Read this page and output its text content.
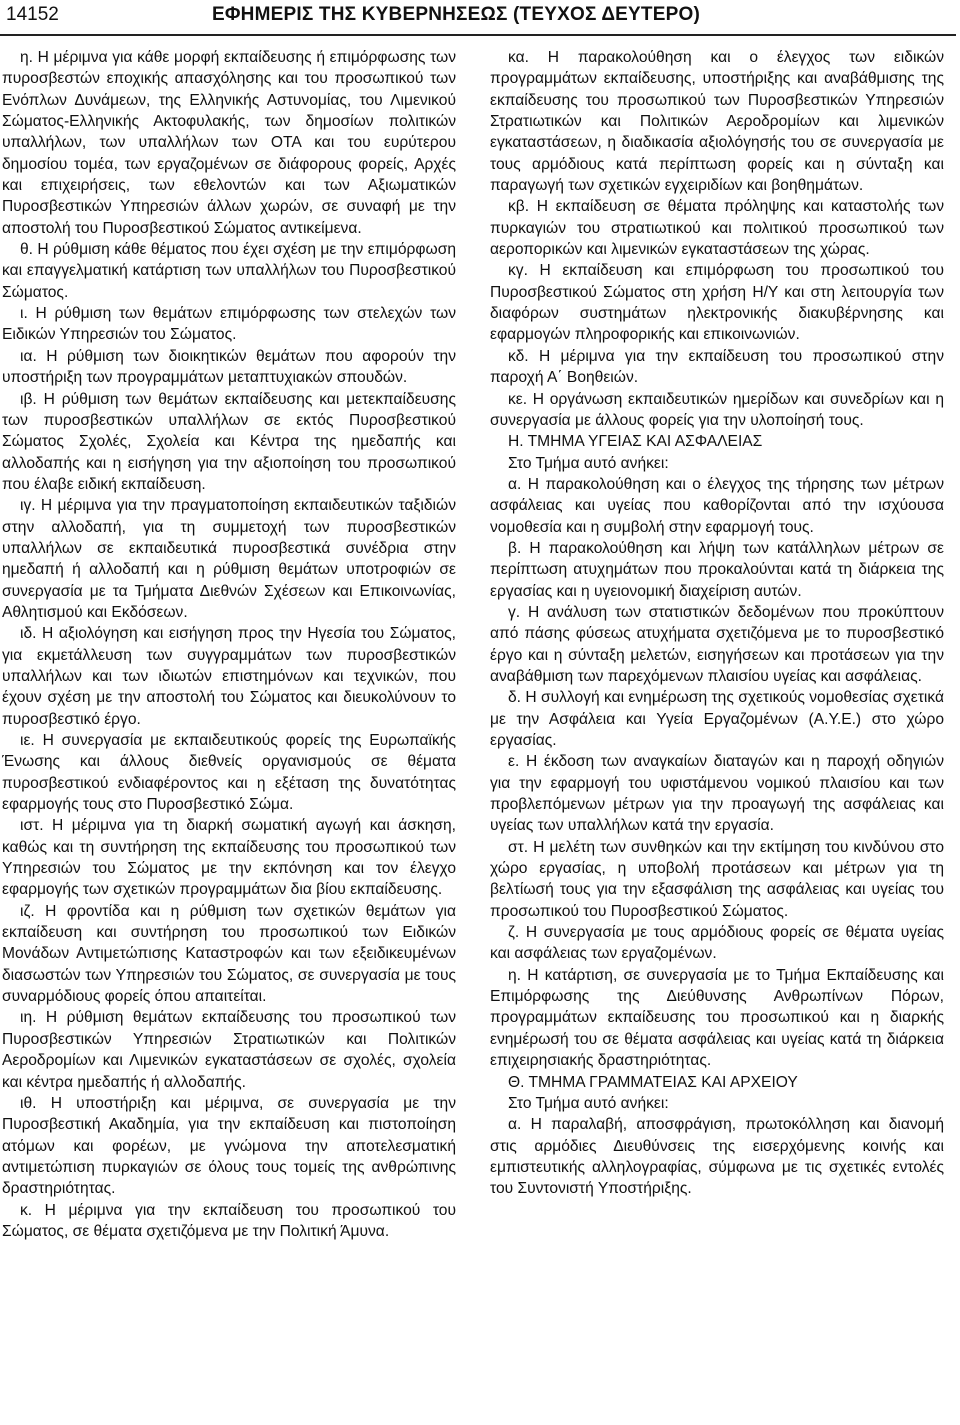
14152	ΕΦΗΜΕΡΙΣ ΤΗΣ ΚΥΒΕΡΝΗΣΕΩΣ (ΤΕΥΧΟΣ ΔΕΥΤΕΡΟ)

η. Η μέριμνα για κάθε μορφή εκπαίδευσης ή επιμόρφωσης των πυροσβεστών εποχικής απασχόλησης και του προσωπικού των Ενόπλων Δυνάμεων, της Ελληνικής Αστυνομίας, του Λιμενικού Σώματος-Ελληνικής Ακτοφυλακής, των δημοσίων πολιτικών υπαλλήλων, των υπαλλήλων των ΟΤΑ και του ευρύτερου δημοσίου τομέα, των εργαζομένων σε διάφορους φορείς, Αρχές και επιχειρήσεις, των εθελοντών και των Αξιωματικών Πυροσβεστικών Υπηρεσιών άλλων χωρών, σε συναφή με την αποστολή του Πυροσβεστικού Σώματος αντικείμενα.

θ. Η ρύθμιση κάθε θέματος που έχει σχέση με την επιμόρφωση και επαγγελματική κατάρτιση των υπαλλήλων του Πυροσβεστικού Σώματος.

ι. Η ρύθμιση των θεμάτων επιμόρφωσης των στελεχών των Ειδικών Υπηρεσιών του Σώματος.

ια. Η ρύθμιση των διοικητικών θεμάτων που αφορούν την υποστήριξη των προγραμμάτων μεταπτυχιακών σπουδών.

ιβ. Η ρύθμιση των θεμάτων εκπαίδευσης και μετεκπαίδευσης των πυροσβεστικών υπαλλήλων σε εκτός Πυροσβεστικού Σώματος Σχολές, Σχολεία και Κέντρα της ημεδαπής και αλλοδαπής και η εισήγηση για την αξιοποίηση του προσωπικού που έλαβε ειδική εκπαίδευση.

ιγ. Η μέριμνα για την πραγματοποίηση εκπαιδευτικών ταξιδιών στην αλλοδαπή, για τη συμμετοχή των πυροσβεστικών υπαλλήλων σε εκπαιδευτικά πυροσβεστικά συνέδρια στην ημεδαπή ή αλλοδαπή και η ρύθμιση θεμάτων υποτροφιών σε συνεργασία με τα Τμήματα Διεθνών Σχέσεων και Επικοινωνίας, Αθλητισμού και Εκδόσεων.

ιδ. Η αξιολόγηση και εισήγηση προς την Ηγεσία του Σώματος, για εκμετάλλευση των συγγραμμάτων των πυροσβεστικών υπαλλήλων και των ιδιωτών επιστημόνων και τεχνικών, που έχουν σχέση με την αποστολή του Σώματος και διευκολύνουν το πυροσβεστικό έργο.

ιε. Η συνεργασία με εκπαιδευτικούς φορείς της Ευρωπαϊκής Ένωσης και άλλους διεθνείς οργανισμούς σε θέματα πυροσβεστικού ενδιαφέροντος και η εξέταση της δυνατότητας εφαρμογής τους στο Πυροσβεστικό Σώμα.

ιστ. Η μέριμνα για τη διαρκή σωματική αγωγή και άσκηση, καθώς και τη συντήρηση της εκπαίδευσης του προσωπικού των Υπηρεσιών του Σώματος με την εκπόνηση και τον έλεγχο εφαρμογής των σχετικών προγραμμάτων δια βίου εκπαίδευσης.

ιζ. Η φροντίδα και η ρύθμιση των σχετικών θεμάτων για εκπαίδευση και συντήρηση του προσωπικού των Ειδικών Μονάδων Αντιμετώπισης Καταστροφών και των εξειδικευμένων διασωστών των Υπηρεσιών του Σώματος, σε συνεργασία με τους συναρμόδιους φορείς όπου απαιτείται.

ιη. Η ρύθμιση θεμάτων εκπαίδευσης του προσωπικού των Πυροσβεστικών Υπηρεσιών Στρατιωτικών και Πολιτικών Αεροδρομίων και Λιμενικών εγκαταστάσεων σε σχολές, σχολεία και κέντρα ημεδαπής ή αλλοδαπής.

ιθ. Η υποστήριξη και μέριμνα, σε συνεργασία με την Πυροσβεστική Ακαδημία, για την εκπαίδευση και πιστοποίηση ατόμων και φορέων, με γνώμονα την αποτελεσματική αντιμετώπιση πυρκαγιών σε όλους τους τομείς της ανθρώπινης δραστηριότητας.

κ. Η μέριμνα για την εκπαίδευση του προσωπικού του Σώματος, σε θέματα σχετιζόμενα με την Πολιτική Άμυνα.

κα. Η παρακολούθηση και ο έλεγχος των ειδικών προγραμμάτων εκπαίδευσης, υποστήριξης και αναβάθμισης της εκπαίδευσης του προσωπικού των Πυροσβεστικών Υπηρεσιών Στρατιωτικών και Πολιτικών Αεροδρομίων και λιμενικών εγκαταστάσεων, η διαδικασία αξιολόγησής του σε συνεργασία με τους αρμόδιους κατά περίπτωση φορείς και η σύνταξη και παραγωγή των σχετικών εγχειριδίων και βοηθημάτων.

κβ. Η εκπαίδευση σε θέματα πρόληψης και καταστολής των πυρκαγιών του στρατιωτικού και πολιτικού προσωπικού των αεροπορικών και λιμενικών εγκαταστάσεων της χώρας.

κγ. Η εκπαίδευση και επιμόρφωση του προσωπικού του Πυροσβεστικού Σώματος στη χρήση Η/Υ και στη λειτουργία των διαφόρων συστημάτων ηλεκτρονικής διακυβέρνησης και εφαρμογών πληροφορικής και επικοινωνιών.

κδ. Η μέριμνα για την εκπαίδευση του προσωπικού στην παροχή Α΄ Βοηθειών.

κε. Η οργάνωση εκπαιδευτικών ημερίδων και συνεδρίων και η συνεργασία με άλλους φορείς για την υλοποίησή τους.

Η. ΤΜΗΜΑ ΥΓΕΙΑΣ ΚΑΙ ΑΣΦΑΛΕΙΑΣ

Στο Τμήμα αυτό ανήκει:

α. Η παρακολούθηση και ο έλεγχος της τήρησης των μέτρων ασφάλειας και υγείας που καθορίζονται από την ισχύουσα νομοθεσία και η συμβολή στην εφαρμογή τους.

β. Η παρακολούθηση και λήψη των κατάλληλων μέτρων σε περίπτωση ατυχημάτων που προκαλούνται κατά τη διάρκεια της εργασίας και η υγειονομική διαχείριση αυτών.

γ. Η ανάλυση των στατιστικών δεδομένων που προκύπτουν από πάσης φύσεως ατυχήματα σχετιζόμενα με το πυροσβεστικό έργο και η σύνταξη μελετών, εισηγήσεων και προτάσεων για την αναβάθμιση των παρεχόμενων πλαισίου υγείας και ασφάλειας.

δ. Η συλλογή και ενημέρωση της σχετικούς νομοθεσίας σχετικά με την Ασφάλεια και Υγεία Εργαζομένων (Α.Υ.Ε.) στο χώρο εργασίας.

ε. Η έκδοση των αναγκαίων διαταγών και η παροχή οδηγιών για την εφαρμογή του υφιστάμενου νομικού πλαισίου και των προβλεπόμενων μέτρων για την προαγωγή της ασφάλειας και υγείας των υπαλλήλων κατά την εργασία.

στ. Η μελέτη των συνθηκών και την εκτίμηση του κινδύνου στο χώρο εργασίας, η υποβολή προτάσεων και μέτρων για τη βελτίωσή τους για την εξασφάλιση της ασφάλειας και υγείας του προσωπικού του Πυροσβεστικού Σώματος.

ζ. Η συνεργασία με τους αρμόδιους φορείς σε θέματα υγείας και ασφάλειας των εργαζομένων.

η. Η κατάρτιση, σε συνεργασία με το Τμήμα Εκπαίδευσης και Επιμόρφωσης της Διεύθυνσης Ανθρωπίνων Πόρων, προγραμμάτων εκπαίδευσης του προσωπικού και η διαρκής ενημέρωσή του σε θέματα ασφάλειας και υγείας κατά τη διάρκεια επιχειρησιακής δραστηριότητας.

Θ. ΤΜΗΜΑ ΓΡΑΜΜΑΤΕΙΑΣ ΚΑΙ ΑΡΧΕΙΟΥ

Στο Τμήμα αυτό ανήκει:

α. Η παραλαβή, αποσφράγιση, πρωτοκόλληση και διανομή στις αρμόδιες Διευθύνσεις της εισερχόμενης κοινής και εμπιστευτικής αλληλογραφίας, σύμφωνα με τις σχετικές εντολές του Συντονιστή Υποστήριξης.
